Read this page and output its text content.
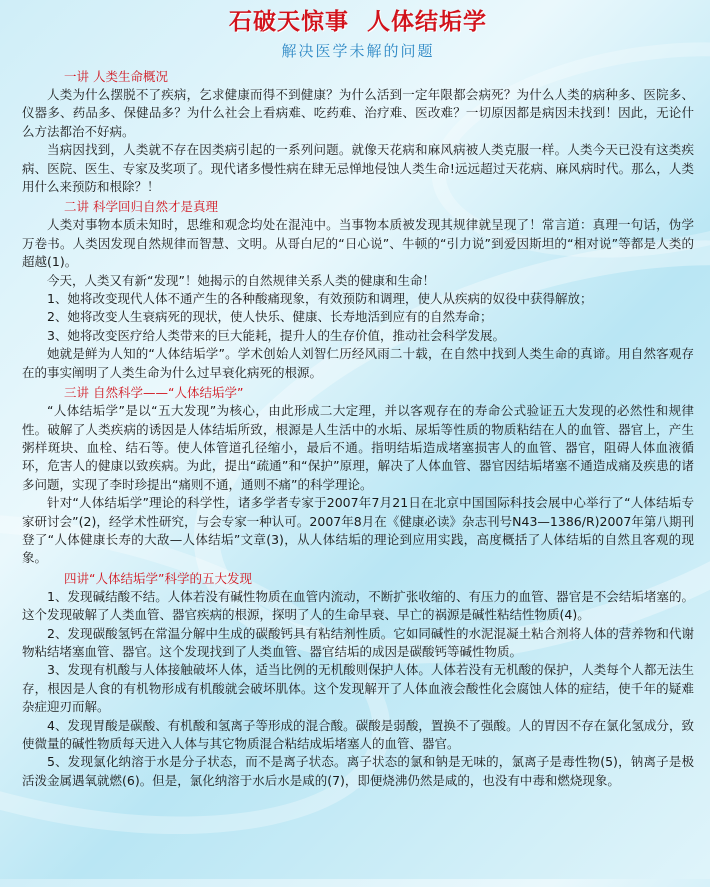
石破天惊事 人体结垢学
解决医学未解的问题
一讲 人类生命概况

人类为什么摆脱不了疾病，乞求健康而得不到健康？为什么活到一定年限都会病死？为什么人类的病种多、医院多、仪器多、药品多、保健品多？为什么社会上看病难、吃药难、治疗难、医改难？一切原因都是病因未找到！因此，无论什么方法都治不好病。

当病因找到，人类就不存在因类病引起的一系列问题。就像天花病和麻风病被人类克服一样。人类今天已没有这类疾病、医院、医生、专家及奖项了。现代诸多慢性病在肆无忌惮地侵蚀人类生命!远远超过天花病、麻风病时代。那么，人类用什么来预防和根除？！

二讲 科学回归自然才是真理

人类对事物本质未知时，思维和观念均处在混沌中。当事物本质被发现其规律就呈现了！常言道：真理一句话，伪学万卷书。人类因发现自然规律而智慧、文明。从哥白尼的“日心说”、牛顿的“引力说”到爱因斯坦的“相对说”等都是人类的超越(1)。

今天，人类又有新“发现”！她揭示的自然规律关系人类的健康和生命！

1、她将改变现代人体不通产生的各种酸痛现象，有效预防和调理，使人从疾病的奴役中获得解放；

2、她将改变人生衰病死的现状，使人快乐、健康、长寿地活到应有的自然寿命；

3、她将改变医疗给人类带来的巨大能耗，提升人的生存价值，推动社会科学发展。

她就是鲜为人知的“人体结垢学”。学术创始人刘智仁历经风雨二十载，在自然中找到人类生命的真谛。用自然客观存在的事实阐明了人类生命为什么过早衰化病死的根源。

三讲 自然科学——“人体结垢学”

“人体结垢学”是以“五大发现”为核心，由此形成二大定理，并以客观存在的寿命公式验证五大发现的必然性和规律性。破解了人类疾病的诱因是人体结垢所致，根源是人生活中的水垢、尿垢等性质的物质粘结在人的血管、器官上，产生粥样斑块、血栓、结石等。使人体管道孔径缩小，最后不通。指明结垢造成堵塞损害人的血管、器官，阻碍人体血液循环，危害人的健康以致疾病。为此，提出“疏通”和“保护”原理，解决了人体血管、器官因结垢堵塞不通造成痛及疾患的诸多问题，实现了李时珍提出“痛则不通，通则不痛”的科学理论。

针对“人体结垢学”理论的科学性，诸多学者专家于2007年7月21日在北京中国国际科技会展中心举行了“人体结垢专家研讨会”(2)，经学术性研究，与会专家一种认可。2007年8月在《健康必读》杂志刊号N43—1386/R)2007年第八期刊登了“人体健康长寿的大敌—人体结垢”文章(3)，从人体结垢的理论到应用实践，高度概括了人体结垢的自然且客观的现象。

四讲“人体结垢学”科学的五大发现

1、发现碱结酸不结。人体若没有碱性物质在血管内流动，不断扩张收缩的、有压力的血管、器官是不会结垢堵塞的。这个发现破解了人类血管、器官疾病的根源，探明了人的生命早衰、早亡的祸源是碱性粘结性物质(4)。

2、发现碳酸氢钙在常温分解中生成的碳酸钙具有粘结剂性质。它如同碱性的水泥混凝土粘合剂将人体的营养物和代谢物粘结堵塞血管、器官。这个发现找到了人类血管、器官结垢的成因是碳酸钙等碱性物质。

3、发现有机酸与人体接触破坏人体，适当比例的无机酸则保护人体。人体若没有无机酸的保护，人类每个人都无法生存，根因是人食的有机物形成有机酸就会破坏肌体。这个发现解开了人体血液会酸性化会腐蚀人体的症结，使千年的疑难杂症迎刃而解。

4、发现胃酸是碳酸、有机酸和氢离子等形成的混合酸。碳酸是弱酸，置换不了强酸。人的胃因不存在氯化氢成分，致使微量的碱性物质每天进入人体与其它物质混合粘结成垢堵塞人的血管、器官。

5、发现氯化纳溶于水是分子状态，而不是离子状态。离子状态的氯和钠是无味的，氯离子是毒性物(5)，钠离子是极活泼金属遇氧就燃(6)。但是，氯化纳溶于水后水是咸的(7)，即便烧沸仍然是咸的，也没有中毒和燃烧现象。
